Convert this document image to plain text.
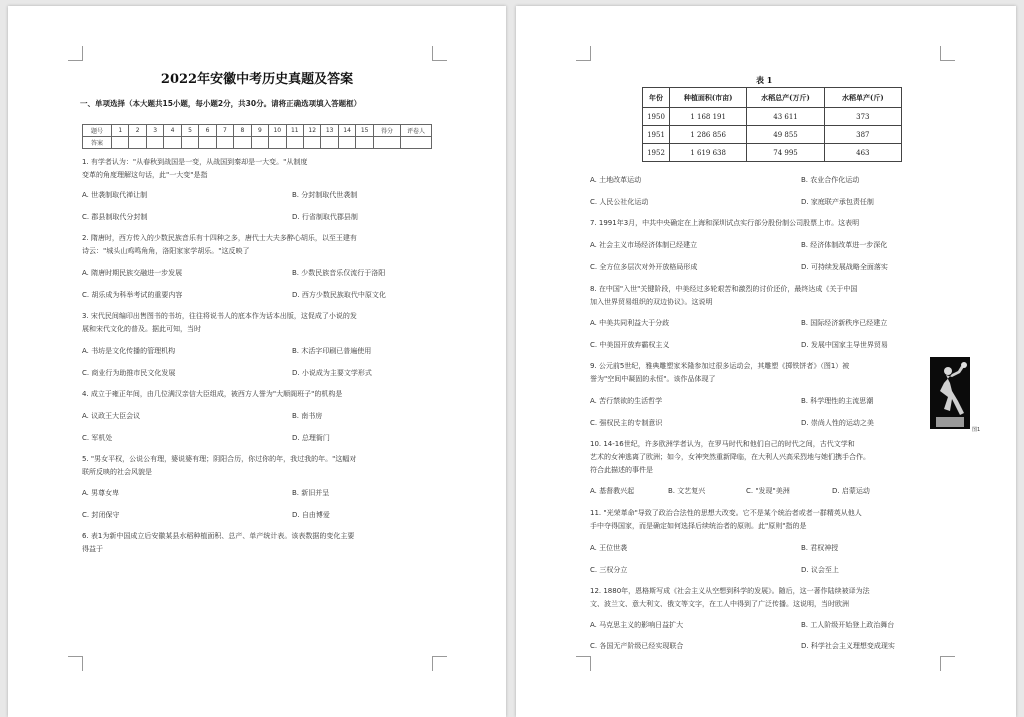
2022年安徽中考历史真题及答案
一、单项选择（本大题共15小题，每小题2分，共30分。请将正确选项填入答题框）
题号	1	2	3	4	5	6	7	8	9	10	11	12	13	14	15	得分	评卷人
答案																	
1. 有学者认为："从春秋到战国是一变，从战国到秦却是一大变。"从制度
变革的角度理解这句话，此"一大变"是指
A. 世袭制取代禅让制	B. 分封制取代世袭制
C. 郡县制取代分封制	D. 行省制取代郡县制
2. 隋唐时，西方传入的少数民族音乐有十四种之多，唐代士大夫多醉心胡乐，以至王建有
诗云："城头山鸡鸣角角，洛阳家家学胡乐。"这反映了
A. 隋唐时期民族交融进一步发展	B. 少数民族音乐仅流行于洛阳
C. 胡乐成为科举考试的重要内容	D. 西方少数民族取代中原文化
3. 宋代民间编印出售图书的书坊，往往将说书人的底本作为话本出版，这促成了小说的发
展和宋代文化的普及。据此可知，当时
A. 书坊是文化传播的管理机构	B. 木活字印刷已普遍使用
C. 商业行为助推市民文化发展	D. 小说成为主要文学形式
4. 成立于雍正年间，由几位满汉亲信大臣组成，被西方人誉为"大顺阁班子"的机构是
A. 议政王大臣会议	B. 南书房
C. 军机处	D. 总理衙门
5. "男女平权，公说公有理，婆说婆有理；阴阳合历，你过你的年，我过我的年。"这幅对
联所反映的社会风貌是
A. 男尊女卑	B. 新旧并呈
C. 封闭保守	D. 自由博爱
6. 表1为新中国成立后安徽某县水稻种植面积、总产、单产统计表。该表数据的变化主要
得益于
表 1
年份	种植面积(市亩)	水稻总产(万斤)	水稻单产(斤)
1950	1 168 191	43 611	373
1951	1 286 856	49 855	387
1952	1 619 638	74 995	463
A. 土地改革运动	B. 农业合作化运动
C. 人民公社化运动	D. 家庭联产承包责任制
7. 1991年3月，中共中央确定在上海和深圳试点实行部分股份制公司股票上市。这表明
A. 社会主义市场经济体制已经建立	B. 经济体制改革进一步深化
C. 全方位多层次对外开放格局形成	D. 可持续发展战略全面落实
8. 在中国"入世"关键阶段，中美经过多轮艰苦和激烈的讨价还价，最终达成《关于中国
加入世界贸易组织的双边协议》。这说明
A. 中美共同利益大于分歧	B. 国际经济新秩序已经建立
C. 中美国开放弃霸权主义	D. 发展中国家主导世界贸易
9. 公元前5世纪，雅典雕塑家米隆参加过很多运动会，其雕塑《掷铁饼者》（图1）被
誉为"空间中凝固的永恒"。该作品体现了
A. 苦行禁欲的生活哲学	B. 科学理性的主流思潮
C. 强权民主的专制意识	D. 崇尚人性的运动之美
图1
10. 14-16世纪，许多欧洲学者认为，在罗马时代和他们自己的时代之间，古代文学和
艺术的女神逃离了欧洲；如今，女神突然重新降临，在大利人兴高采烈地与她们携手合作。
符合此描述的事件是
A. 基督教兴起	B. 文艺复兴	C. "发现"美洲	D. 启蒙运动
11. "光荣革命"导致了政治合法性的思想大改变。它不是某个统治者或者一群精英从他人
手中夺得国家，而是确定如何选择后续统治者的原则。此"原则"指的是
A. 王位世袭	B. 君权神授
C. 三权分立	D. 议会至上
12. 1880年，恩格斯写成《社会主义从空想到科学的发展》。随后，这一著作陆续被译为法
文、波兰文、意大利文、俄文等文字，在工人中得到了广泛传播。这说明，当时欧洲
A. 马克思主义的影响日益扩大	B. 工人阶级开始登上政治舞台
C. 各国无产阶级已经实现联合	D. 科学社会主义理想变成现实
